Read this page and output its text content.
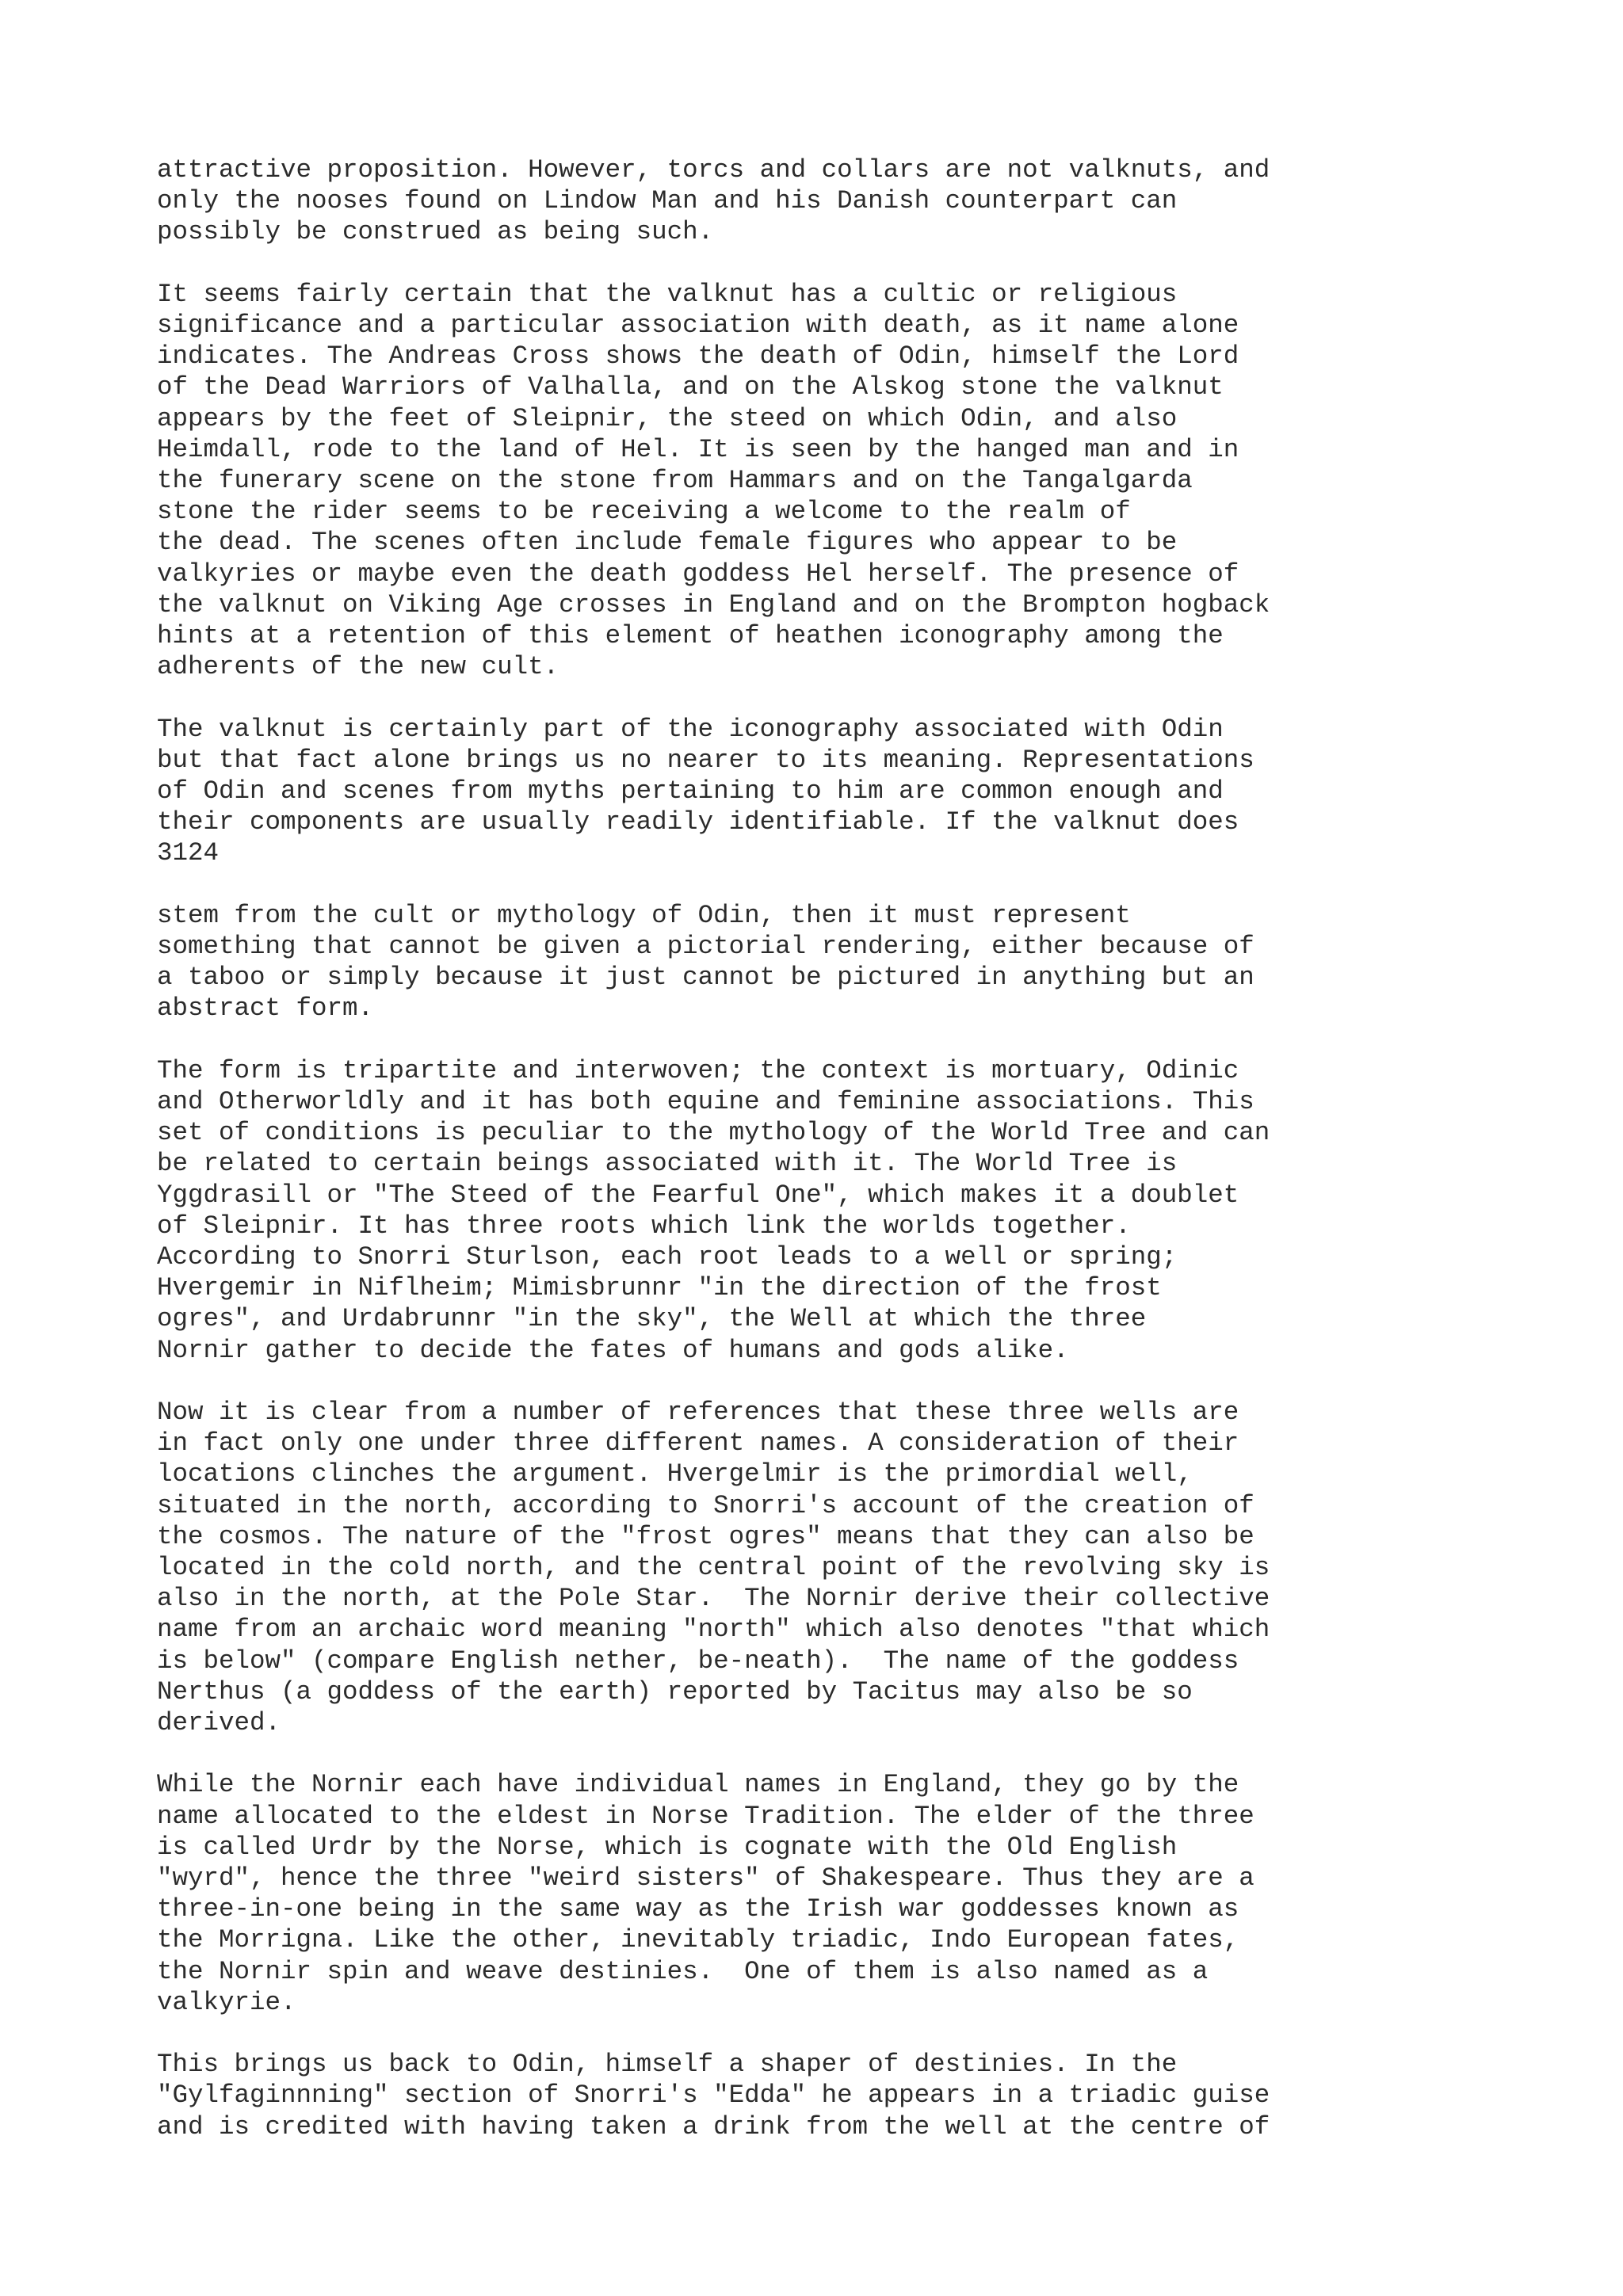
attractive proposition. However, torcs and collars are not valknuts, and
only the nooses found on Lindow Man and his Danish counterpart can
possibly be construed as being such.

It seems fairly certain that the valknut has a cultic or religious
significance and a particular association with death, as it name alone
indicates. The Andreas Cross shows the death of Odin, himself the Lord
of the Dead Warriors of Valhalla, and on the Alskog stone the valknut
appears by the feet of Sleipnir, the steed on which Odin, and also
Heimdall, rode to the land of Hel. It is seen by the hanged man and in
the funerary scene on the stone from Hammars and on the Tangalgarda
stone the rider seems to be receiving a welcome to the realm of
the dead. The scenes often include female figures who appear to be
valkyries or maybe even the death goddess Hel herself. The presence of
the valknut on Viking Age crosses in England and on the Brompton hogback
hints at a retention of this element of heathen iconography among the
adherents of the new cult.

The valknut is certainly part of the iconography associated with Odin
but that fact alone brings us no nearer to its meaning. Representations
of Odin and scenes from myths pertaining to him are common enough and
their components are usually readily identifiable. If the valknut does

3124

stem from the cult or mythology of Odin, then it must represent
something that cannot be given a pictorial rendering, either because of
a taboo or simply because it just cannot be pictured in anything but an
abstract form.

The form is tripartite and interwoven; the context is mortuary, Odinic
and Otherworldly and it has both equine and feminine associations. This
set of conditions is peculiar to the mythology of the World Tree and can
be related to certain beings associated with it. The World Tree is
Yggdrasill or "The Steed of the Fearful One", which makes it a doublet
of Sleipnir. It has three roots which link the worlds together.
According to Snorri Sturlson, each root leads to a well or spring;
Hvergemir in Niflheim; Mimisbrunnr "in the direction of the frost
ogres", and Urdabrunnr "in the sky", the Well at which the three
Nornir gather to decide the fates of humans and gods alike.

Now it is clear from a number of references that these three wells are
in fact only one under three different names. A consideration of their
locations clinches the argument. Hvergelmir is the primordial well,
situated in the north, according to Snorri's account of the creation of
the cosmos. The nature of the "frost ogres" means that they can also be
located in the cold north, and the central point of the revolving sky is
also in the north, at the Pole Star.  The Nornir derive their collective
name from an archaic word meaning "north" which also denotes "that which
is below" (compare English nether, be-neath).  The name of the goddess
Nerthus (a goddess of the earth) reported by Tacitus may also be so
derived.

While the Nornir each have individual names in England, they go by the
name allocated to the eldest in Norse Tradition. The elder of the three
is called Urdr by the Norse, which is cognate with the Old English
"wyrd", hence the three "weird sisters" of Shakespeare. Thus they are a
three-in-one being in the same way as the Irish war goddesses known as
the Morrigna. Like the other, inevitably triadic, Indo European fates,
the Nornir spin and weave destinies.  One of them is also named as a
valkyrie.

This brings us back to Odin, himself a shaper of destinies. In the
"Gylfaginnning" section of Snorri's "Edda" he appears in a triadic guise
and is credited with having taken a drink from the well at the centre of
